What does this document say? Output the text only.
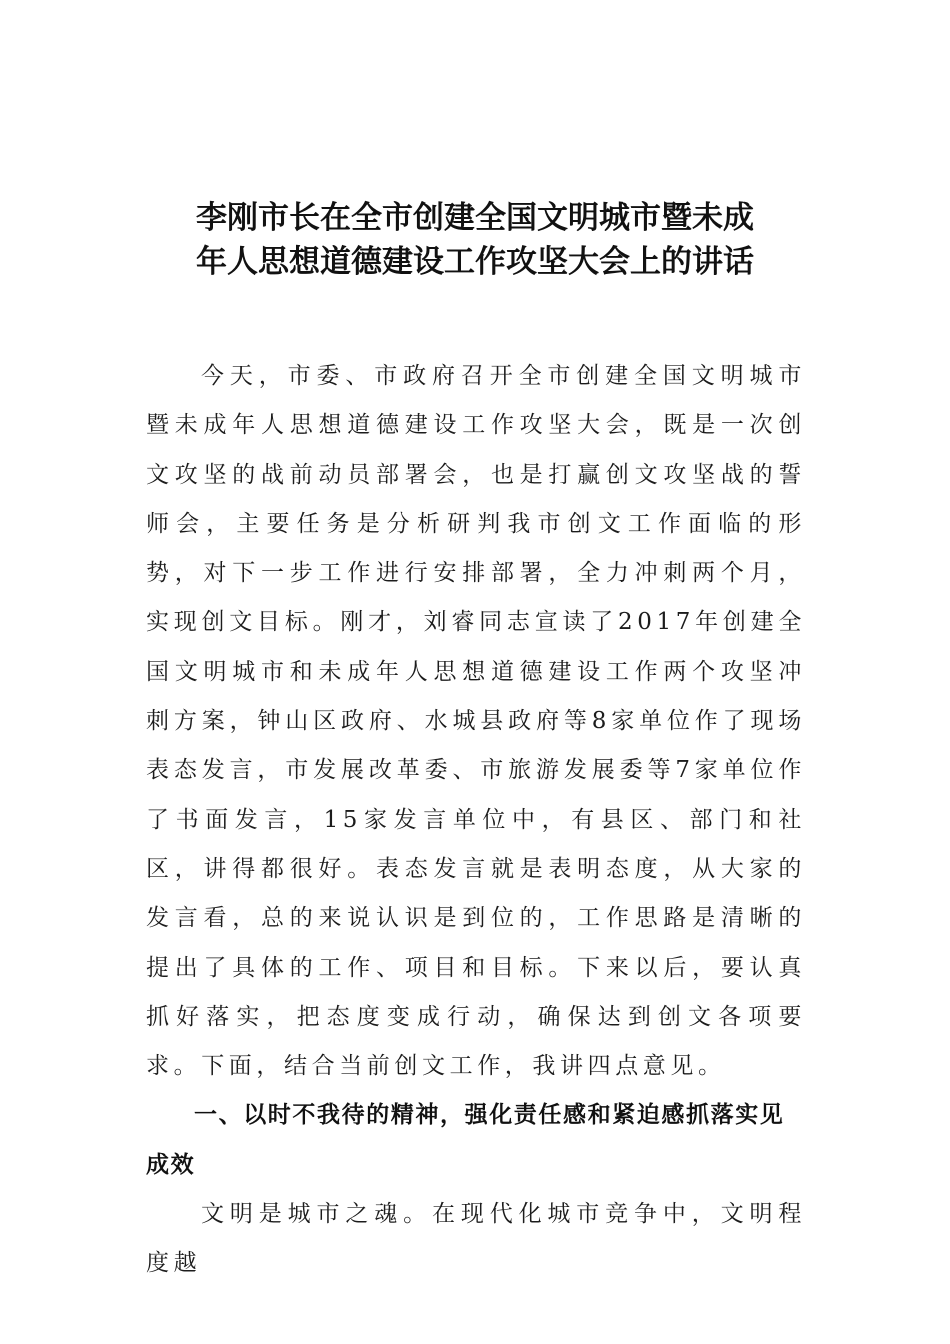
李刚市长在全市创建全国文明城市暨未成
年人思想道德建设工作攻坚大会上的讲话

今天，市委、市政府召开全市创建全国文明城市暨未成年人思想道德建设工作攻坚大会，既是一次创文攻坚的战前动员部署会，也是打赢创文攻坚战的誓师会，主要任务是分析研判我市创文工作面临的形势，对下一步工作进行安排部署，全力冲刺两个月，实现创文目标。刚才，刘睿同志宣读了2017年创建全国文明城市和未成年人思想道德建设工作两个攻坚冲刺方案，钟山区政府、水城县政府等8家单位作了现场表态发言，市发展改革委、市旅游发展委等7家单位作了书面发言，15家发言单位中，有县区、部门和社区，讲得都很好。表态发言就是表明态度，从大家的发言看，总的来说认识是到位的，工作思路是清晰的提出了具体的工作、项目和目标。下来以后，要认真抓好落实，把态度变成行动，确保达到创文各项要求。下面，结合当前创文工作，我讲四点意见。

一、以时不我待的精神，强化责任感和紧迫感抓落实见成效

文明是城市之魂。在现代化城市竞争中，文明程度越
